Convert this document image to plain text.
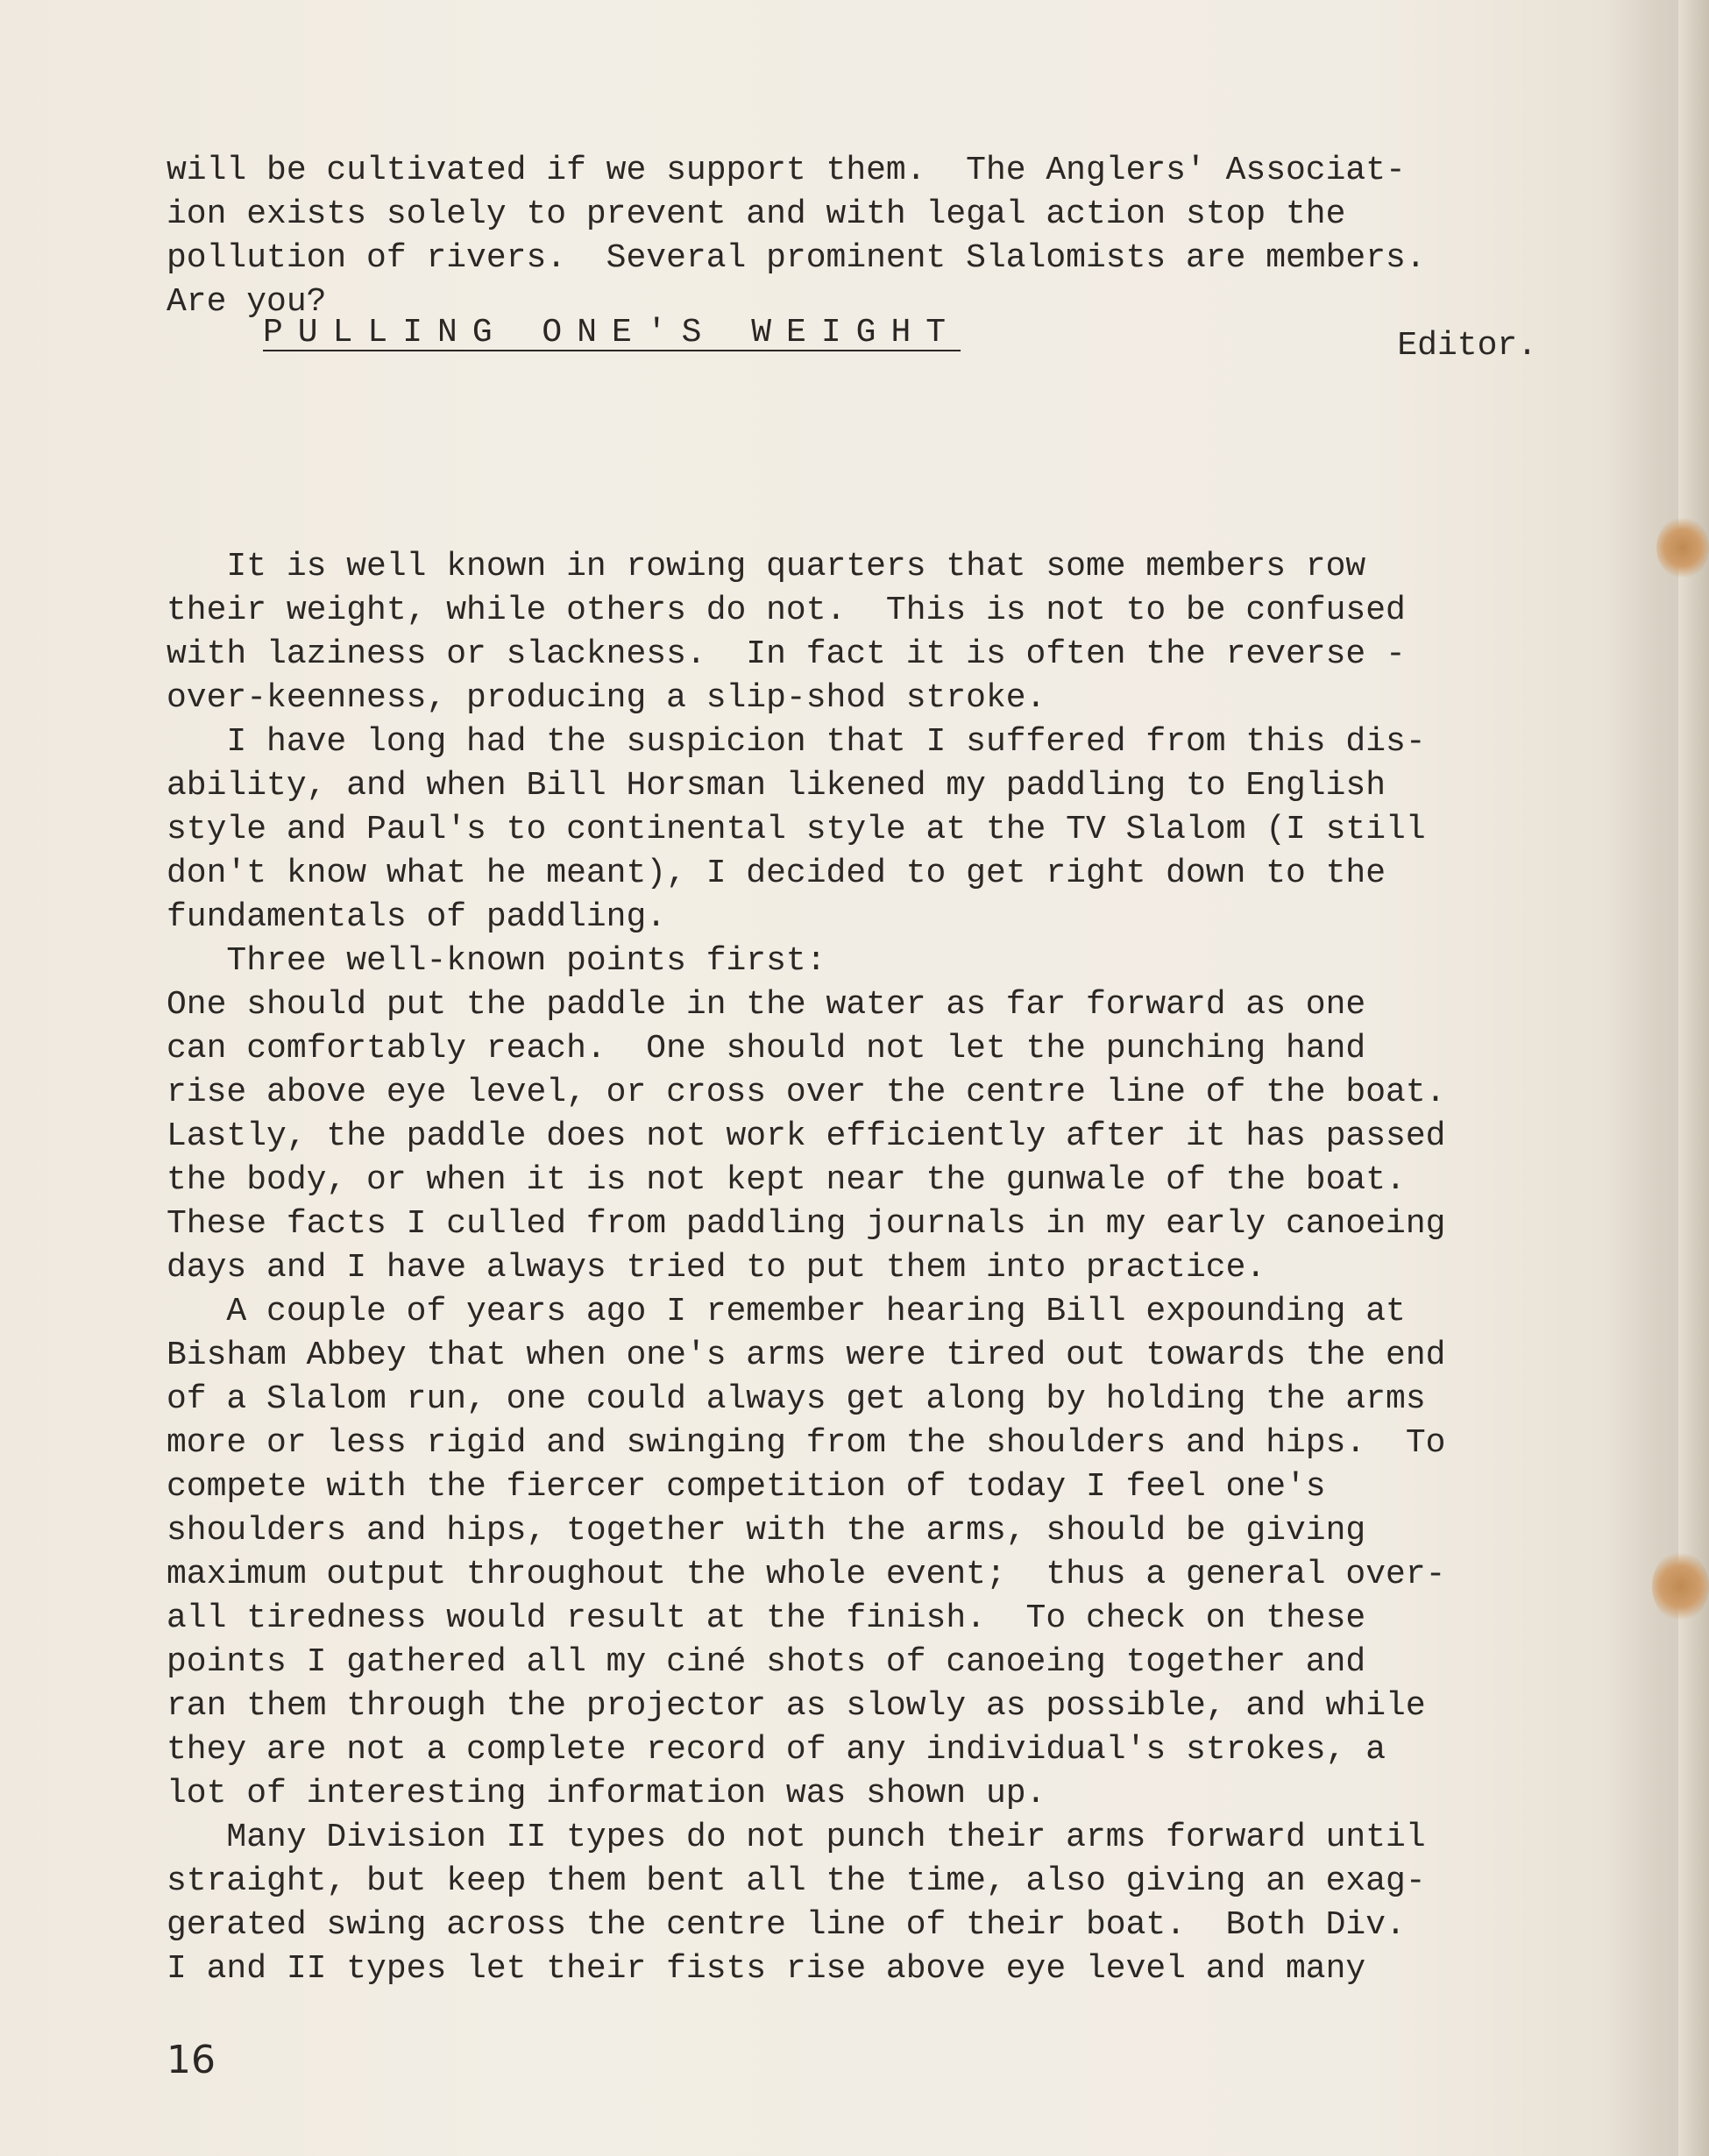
will be cultivated if we support them.  The Anglers' Associat-
ion exists solely to prevent and with legal action stop the
pollution of rivers.  Several prominent Slalomists are members.
Are you?
Editor.
It is well known in rowing quarters that some members row
their weight, while others do not.  This is not to be confused
with laziness or slackness.  In fact it is often the reverse -
over-keenness, producing a slip-shod stroke.
I have long had the suspicion that I suffered from this dis-
ability, and when Bill Horsman likened my paddling to English
style and Paul's to continental style at the TV Slalom (I still
don't know what he meant), I decided to get right down to the
fundamentals of paddling.
Three well-known points first:
One should put the paddle in the water as far forward as one
can comfortably reach.  One should not let the punching hand
rise above eye level, or cross over the centre line of the boat.
Lastly, the paddle does not work efficiently after it has passed
the body, or when it is not kept near the gunwale of the boat.
These facts I culled from paddling journals in my early canoeing
days and I have always tried to put them into practice.
A couple of years ago I remember hearing Bill expounding at
Bisham Abbey that when one's arms were tired out towards the end
of a Slalom run, one could always get along by holding the arms
more or less rigid and swinging from the shoulders and hips.  To
compete with the fiercer competition of today I feel one's
shoulders and hips, together with the arms, should be giving
maximum output throughout the whole event;  thus a general over-
all tiredness would result at the finish.  To check on these
points I gathered all my ciné shots of canoeing together and
ran them through the projector as slowly as possible, and while
they are not a complete record of any individual's strokes, a
lot of interesting information was shown up.
Many Division II types do not punch their arms forward until
straight, but keep them bent all the time, also giving an exag-
gerated swing across the centre line of their boat.  Both Div.
I and II types let their fists rise above eye level and many
PULLING ONE'S WEIGHT
16
